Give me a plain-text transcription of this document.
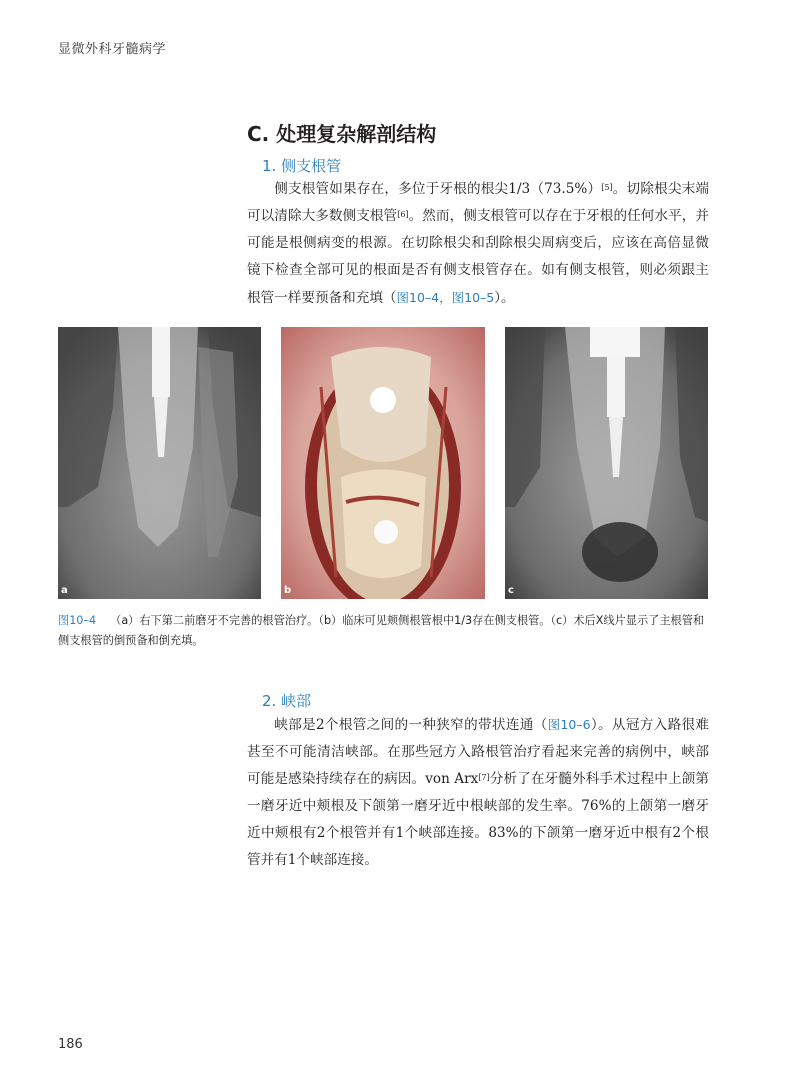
显微外科牙髓病学
C. 处理复杂解剖结构
1. 侧支根管

侧支根管如果存在，多位于牙根的根尖1/3（73.5%）[5]。切除根尖末端可以清除大多数侧支根管[6]。然而，侧支根管可以存在于牙根的任何水平，并可能是根侧病变的根源。在切除根尖和刮除根尖周病变后，应该在高倍显微镜下检查全部可见的根面是否有侧支根管存在。如有侧支根管，则必须跟主根管一样要预备和充填（图10–4，图10–5）。

a	b	c
图10–4 （a）右下第二前磨牙不完善的根管治疗。（b）临床可见颊侧根管根中1/3存在侧支根管。（c）术后X线片显示了主根管和侧支根管的倒预备和倒充填。
2. 峡部

峡部是2个根管之间的一种狭窄的带状连通（图10–6）。从冠方入路很难甚至不可能清洁峡部。在那些冠方入路根管治疗看起来完善的病例中，峡部可能是感染持续存在的病因。von Arx[7]分析了在牙髓外科手术过程中上颌第一磨牙近中颊根及下颌第一磨牙近中根峡部的发生率。76%的上颌第一磨牙近中颊根有2个根管并有1个峡部连接。83%的下颌第一磨牙近中根有2个根管并有1个峡部连接。

186
